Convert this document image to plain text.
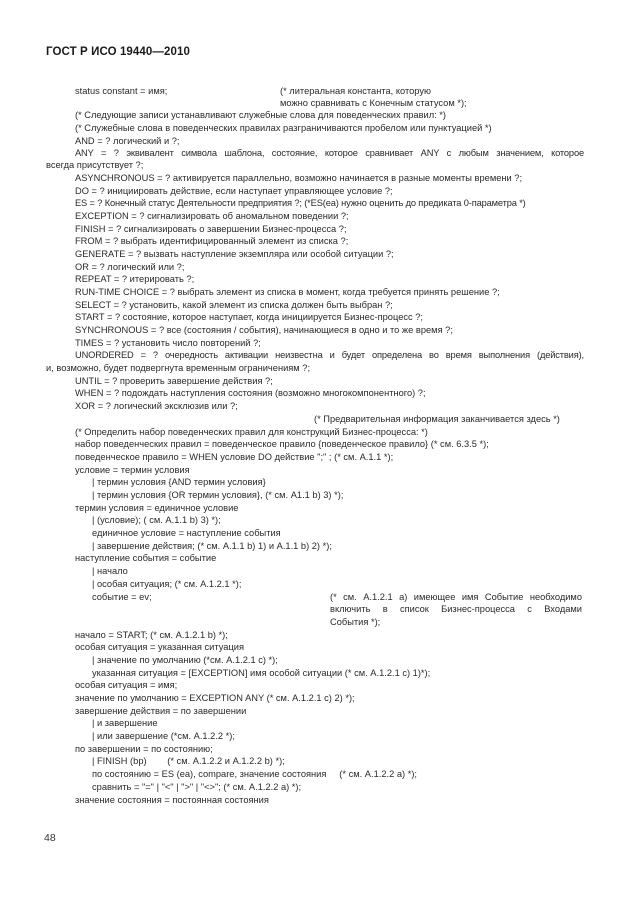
ГОСТ Р ИСО 19440—2010
status constant = имя;	(* литеральная константа, которую
можно сравнивать с Конечным статусом *);
(* Следующие записи устанавливают служебные слова для поведенческих правил: *)
(* Служебные слова в поведенческих правилах разграничиваются пробелом или пунктуацией *)
AND = ? логический и ?;
ANY = ? эквивалент символа шаблона, состояние, которое сравнивает ANY с любым значением, которое
всегда присутствует ?;
ASYNCHRONOUS = ? активируется параллельно, возможно начинается в разные моменты времени ?;
DO = ? инициировать действие, если наступает управляющее условие ?;
ES = ? Конечный статус Деятельности предприятия ?; (*ES(ea) нужно оценить до предиката 0-параметра *)
EXCEPTION = ? сигнализировать об аномальном поведении ?;
FINISH = ? сигнализировать о завершении Бизнес-процесса ?;
FROM = ? выбрать идентифицированный элемент из списка ?;
GENERATE = ? вызвать наступление экземпляра или особой ситуации ?;
OR = ? логический или ?;
REPEAT = ? итерировать ?;
RUN-TIME CHOICE = ? выбрать элемент из списка в момент, когда требуется принять решение ?;
SELECT = ? установить, какой элемент из списка должен быть выбран ?;
START = ? состояние, которое наступает, когда инициируется Бизнес-процесс ?;
SYNCHRONOUS = ? все (состояния / события), начинающиеся в одно и то же время ?;
TIMES = ? установить число повторений ?;
UNORDERED = ? очередность активации неизвестна и будет определена во время выполнения (действия),
и, возможно, будет подвергнута временным ограничениям ?;
UNTIL = ? проверить завершение действия ?;
WHEN = ? подождать наступления состояния (возможно многокомпонентного) ?;
XOR = ? логический эксклюзив или ?;
(* Предварительная информация заканчивается здесь *)
(* Определить набор поведенческих правил для конструкций Бизнес-процесса: *)
набор поведенческих правил = поведенческое правило {поведенческое правило} (* см. 6.3.5 *);
поведенческое правило = WHEN условие DO действие ";" ; (* см. А.1.1 *);
условие = термин условия
| термин условия {AND термин условия}
| термин условия {OR термин условия}, (* см. А1.1 b) 3) *);
термин условия = единичное условие
| (условие); ( см. А.1.1 b) 3) *);
единичное условие = наступление события
| завершение действия; (* см. А.1.1 b) 1) и А.1.1 b) 2) *);
наступление события = событие
| начало
| особая ситуация; (* см. А.1.2.1 *);
событие = ev;	(* см. А.1.2.1 а) имеющее имя Событие необходимо
включить в список Бизнес-процесса с Входами
События *);
начало = START; (* см. А.1.2.1 b) *);
особая ситуация = указанная ситуация
| значение по умолчанию (*см. А.1.2.1 с) *);
указанная ситуация = [EXCEPTION] имя особой ситуации (* см. А.1.2.1 с) 1)*);
особая ситуация = имя;
значение по умолчанию = EXCEPTION ANY (* см. А.1.2.1 с) 2) *);
завершение действия = по завершении
| и завершение
| или завершение (*см. А.1.2.2 *);
по завершении = по состоянию;
| FINISH (bp)        (* см. А.1.2.2 и А.1.2.2 b) *);
по состоянию = ES (ea), compare, значение состояния     (* см. А.1.2.2 а) *);
сравнить = "=" | "<" | ">" | "<>"; (* см. А.1.2.2 а) *);
значение состояния = постоянная состояния
48
